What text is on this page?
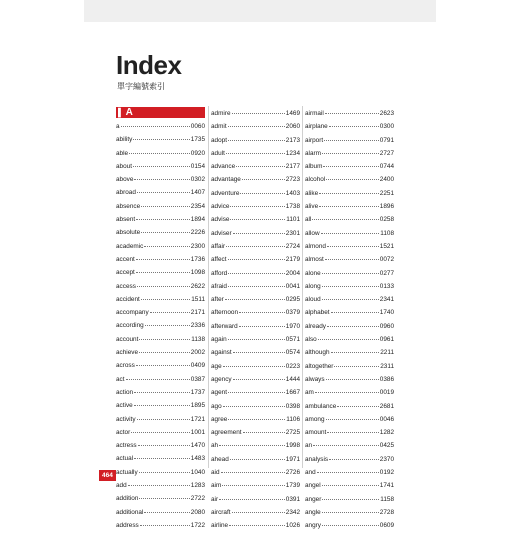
Index
單字編號索引
▌ A
a	0060
ability	1735
able	0920
about	0154
above	0302
abroad	1407
absence	2354
absent	1894
absolute	2226
academic	2300
accent	1736
accept	1098
access	2622
accident	1511
accompany	2171
according	2336
account	1138
achieve	2002
across	0409
act	0387
action	1737
active	1895
activity	1721
actor	1001
actress	1470
actual	1483
actually	1040
add	1283
addition	2722
additional	2080
address	1722
admire	1469
admit	2060
adopt	2173
adult	1234
advance	2177
advantage	2723
adventure	1403
advice	1738
advise	1101
adviser	2301
affair	2724
affect	2179
afford	2004
afraid	0041
after	0295
afternoon	0379
afterward	1970
again	0571
against	0574
age	0223
agency	1444
agent	1667
ago	0398
agree	1106
agreement	2725
ah	1998
ahead	1971
aid	2726
aim	1739
air	0391
aircraft	2342
airline	1026
airmail	2623
airplane	0300
airport	0791
alarm	2727
album	0744
alcohol	2400
alike	2251
alive	1896
all	0258
allow	1108
almond	1521
almost	0072
alone	0277
along	0133
aloud	2341
alphabet	1740
already	0960
also	0961
although	2211
altogether	2311
always	0386
am	0019
ambulance	2681
among	0046
amount	1282
an	0425
analysis	2370
and	0192
angel	1741
anger	1158
angle	2728
angry	0609
464
